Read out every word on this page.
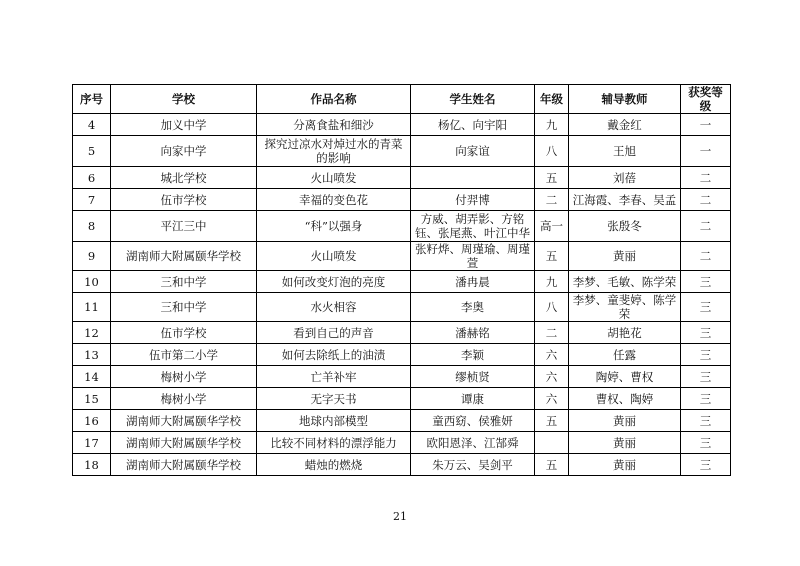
序号	学校	作品名称	学生姓名	年级	辅导教师	获奖等级
4	加义中学	分离食盐和细沙	杨亿、向宇阳	九	戴金红	一
5	向家中学	探究过凉水对焯过水的青菜的影响	向家谊	八	王旭	一
6	城北学校	火山喷发		五	刘蓓	二
7	伍市学校	幸福的变色花	付羿博	二	江海霞、李春、吴孟	二
8	平江三中	“科”以强身	方威、胡弄影、方铭钰、张尾燕、叶江中华	高一	张殷冬	二
9	湖南师大附属颐华学校	火山喷发	张籽烨、周瑾瑜、周瑾萱	五	黄丽	二
10	三和中学	如何改变灯泡的亮度	潘冉晨	九	李梦、毛敏、陈学荣	三
11	三和中学	水火相容	李奥	八	李梦、童斐婷、陈学荣	三
12	伍市学校	看到自己的声音	潘赫铭	二	胡艳花	三
13	伍市第二小学	如何去除纸上的油渍	李颖	六	任露	三
14	梅树小学	亡羊补牢	缪桢贤	六	陶婷、曹权	三
15	梅树小学	无字天书	谭康	六	曹权、陶婷	三
16	湖南师大附属颐华学校	地球内部模型	童西窈、侯雅妍	五	黄丽	三
17	湖南师大附属颐华学校	比较不同材料的漂浮能力	欧阳恩泽、江郜舜		黄丽	三
18	湖南师大附属颐华学校	蜡烛的燃烧	朱万云、吴剑平	五	黄丽	三
21
